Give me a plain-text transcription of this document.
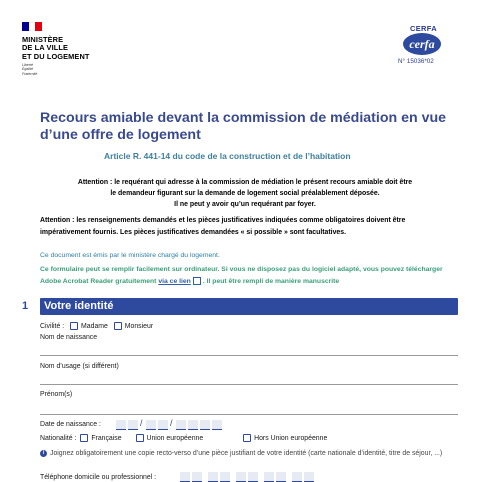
MINISTÈRE
DE LA VILLE
ET DU LOGEMENT
Liberté
Égalité
Fraternité
CERFA
cerfa
N° 15036*02
Recours amiable devant la commission de médiation en vue d’une offre de logement
Article R. 441-14 du code de la construction et de l’habitation
Attention : le requérant qui adresse à la commission de médiation le présent recours amiable doit être
le demandeur figurant sur la demande de logement social préalablement déposée.
Il ne peut y avoir qu’un requérant par foyer.
Attention : les renseignements demandés et les pièces justificatives indiquées comme obligatoires doivent être impérativement fournis. Les pièces justificatives demandées « si possible » sont facultatives.
Ce document est émis par le ministère chargé du logement.
Ce formulaire peut se remplir facilement sur ordinateur. Si vous ne disposez pas du logiciel adapté, vous pouvez télécharger Adobe Acrobat Reader gratuitement via ce lien . Il peut être rempli de manière manuscrite
1 Votre identité
Civilité : Madame Monsieur
Nom de naissance
Nom d’usage (si différent)
Prénom(s)
Date de naissance :	/	/
Nationalité : Française	Union européenne	Hors Union européenne
i Joignez obligatoirement une copie recto-verso d’une pièce justifiant de votre identité (carte nationale d’identité, titre de séjour, ...)
Téléphone domicile ou professionnel :
